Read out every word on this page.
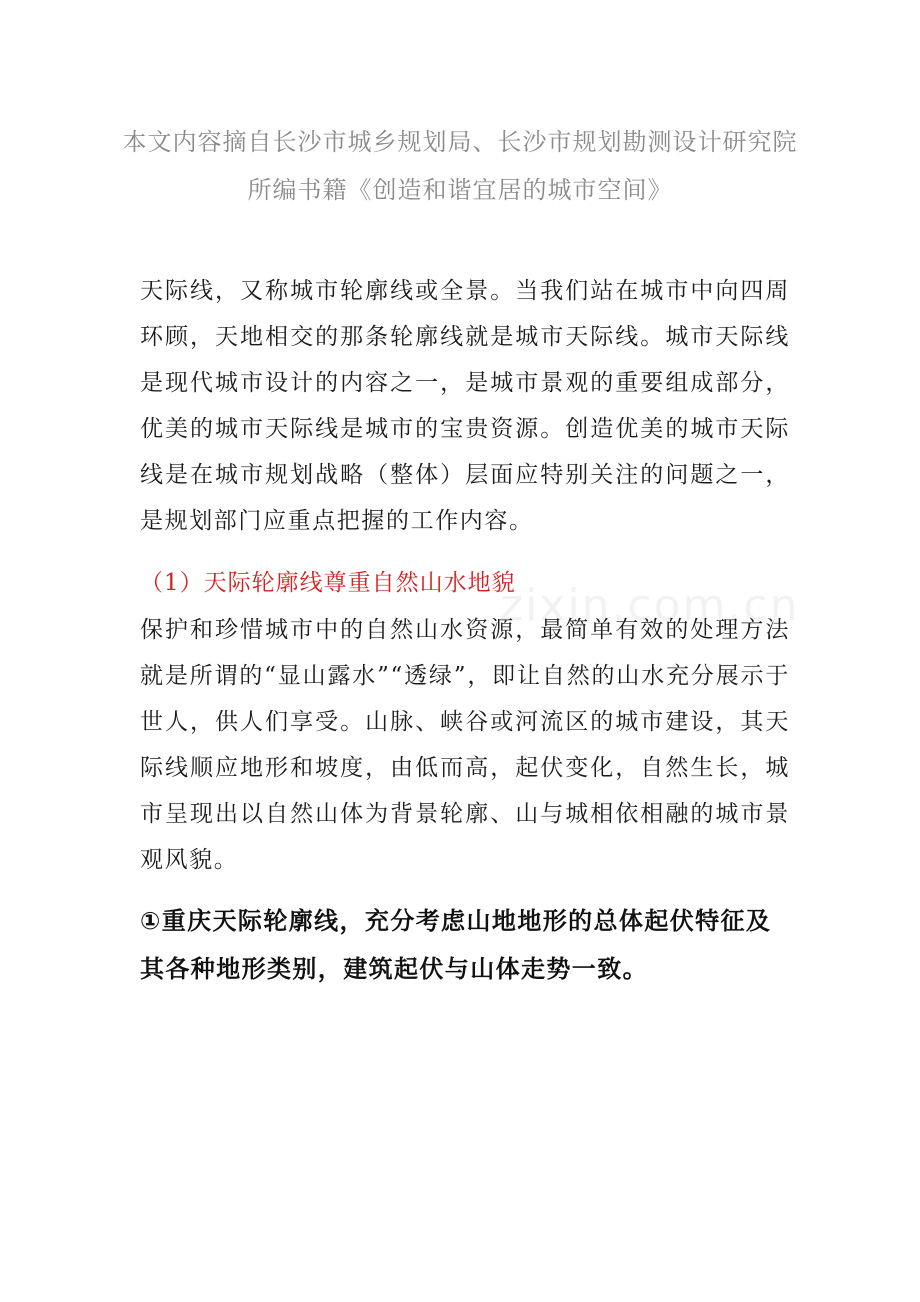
本文内容摘自长沙市城乡规划局、长沙市规划勘测设计研究院所编书籍《创造和谐宜居的城市空间》

天际线，又称城市轮廓线或全景。当我们站在城市中向四周环顾，天地相交的那条轮廓线就是城市天际线。城市天际线是现代城市设计的内容之一，是城市景观的重要组成部分，优美的城市天际线是城市的宝贵资源。创造优美的城市天际线是在城市规划战略（整体）层面应特别关注的问题之一，是规划部门应重点把握的工作内容。

（1）天际轮廓线尊重自然山水地貌

保护和珍惜城市中的自然山水资源，最简单有效的处理方法就是所谓的“显山露水”“透绿”，即让自然的山水充分展示于世人，供人们享受。山脉、峡谷或河流区的城市建设，其天际线顺应地形和坡度，由低而高，起伏变化，自然生长，城市呈现出以自然山体为背景轮廓、山与城相依相融的城市景观风貌。

①重庆天际轮廓线，充分考虑山地地形的总体起伏特征及其各种地形类别，建筑起伏与山体走势一致。

zixin.com.cn
